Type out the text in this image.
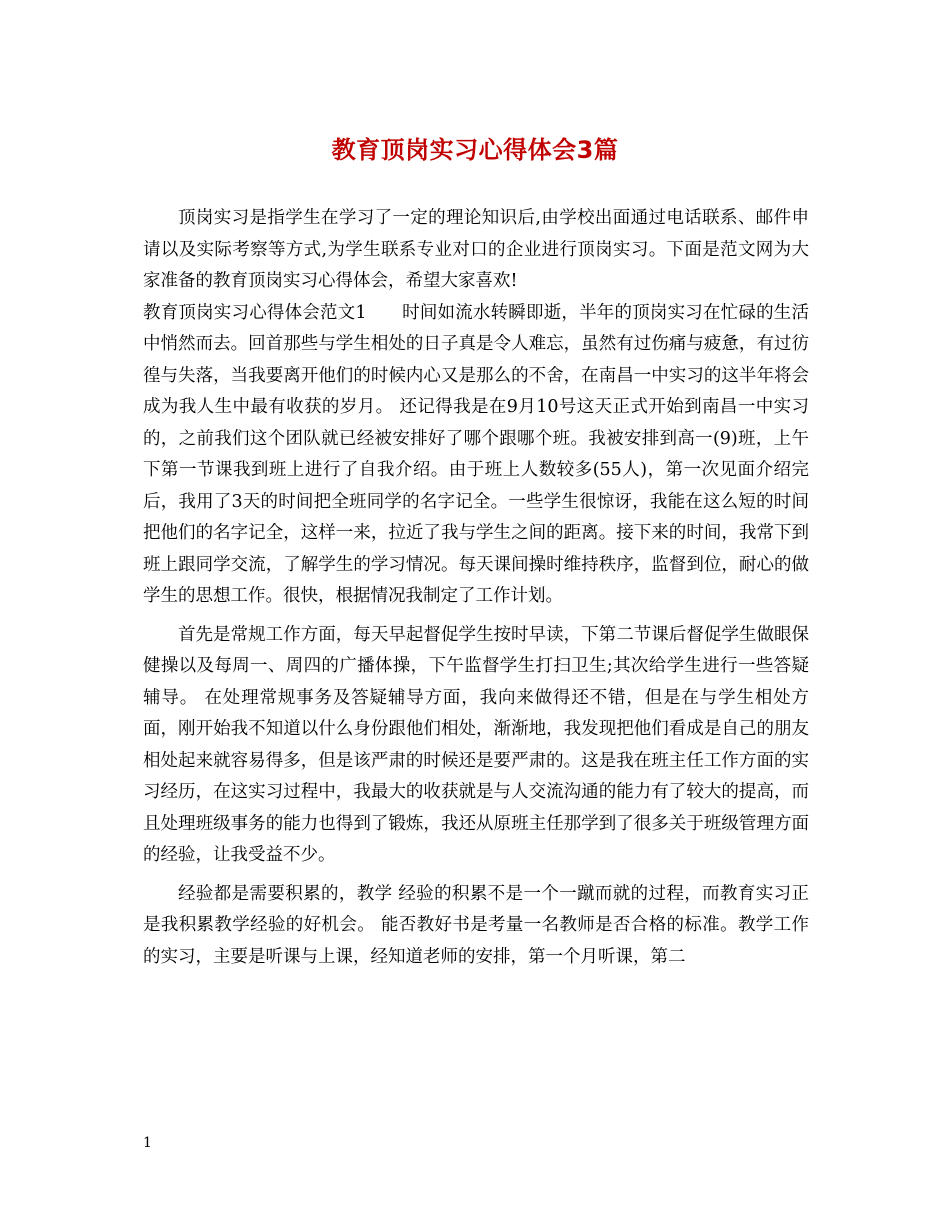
教育顶岗实习心得体会3篇

顶岗实习是指学生在学习了一定的理论知识后,由学校出面通过电话联系、邮件申请以及实际考察等方式,为学生联系专业对口的企业进行顶岗实习。下面是范文网为大家准备的教育顶岗实习心得体会，希望大家喜欢!

教育顶岗实习心得体会范文1　　时间如流水转瞬即逝，半年的顶岗实习在忙碌的生活中悄然而去。回首那些与学生相处的日子真是令人难忘，虽然有过伤痛与疲惫，有过彷徨与失落，当我要离开他们的时候内心又是那么的不舍，在南昌一中实习的这半年将会成为我人生中最有收获的岁月。 还记得我是在9月10号这天正式开始到南昌一中实习的，之前我们这个团队就已经被安排好了哪个跟哪个班。我被安排到高一(9)班，上午下第一节课我到班上进行了自我介绍。由于班上人数较多(55人)，第一次见面介绍完后，我用了3天的时间把全班同学的名字记全。一些学生很惊讶，我能在这么短的时间把他们的名字记全，这样一来，拉近了我与学生之间的距离。接下来的时间，我常下到班上跟同学交流，了解学生的学习情况。每天课间操时维持秩序，监督到位，耐心的做学生的思想工作。很快，根据情况我制定了工作计划。

首先是常规工作方面，每天早起督促学生按时早读，下第二节课后督促学生做眼保健操以及每周一、周四的广播体操，下午监督学生打扫卫生;其次给学生进行一些答疑辅导。 在处理常规事务及答疑辅导方面，我向来做得还不错，但是在与学生相处方面，刚开始我不知道以什么身份跟他们相处，渐渐地，我发现把他们看成是自己的朋友相处起来就容易得多，但是该严肃的时候还是要严肃的。这是我在班主任工作方面的实习经历，在这实习过程中，我最大的收获就是与人交流沟通的能力有了较大的提高，而且处理班级事务的能力也得到了锻炼，我还从原班主任那学到了很多关于班级管理方面的经验，让我受益不少。

经验都是需要积累的，教学 经验的积累不是一个一蹴而就的过程，而教育实习正是我积累教学经验的好机会。 能否教好书是考量一名教师是否合格的标准。教学工作的实习，主要是听课与上课，经知道老师的安排，第一个月听课，第二

1
